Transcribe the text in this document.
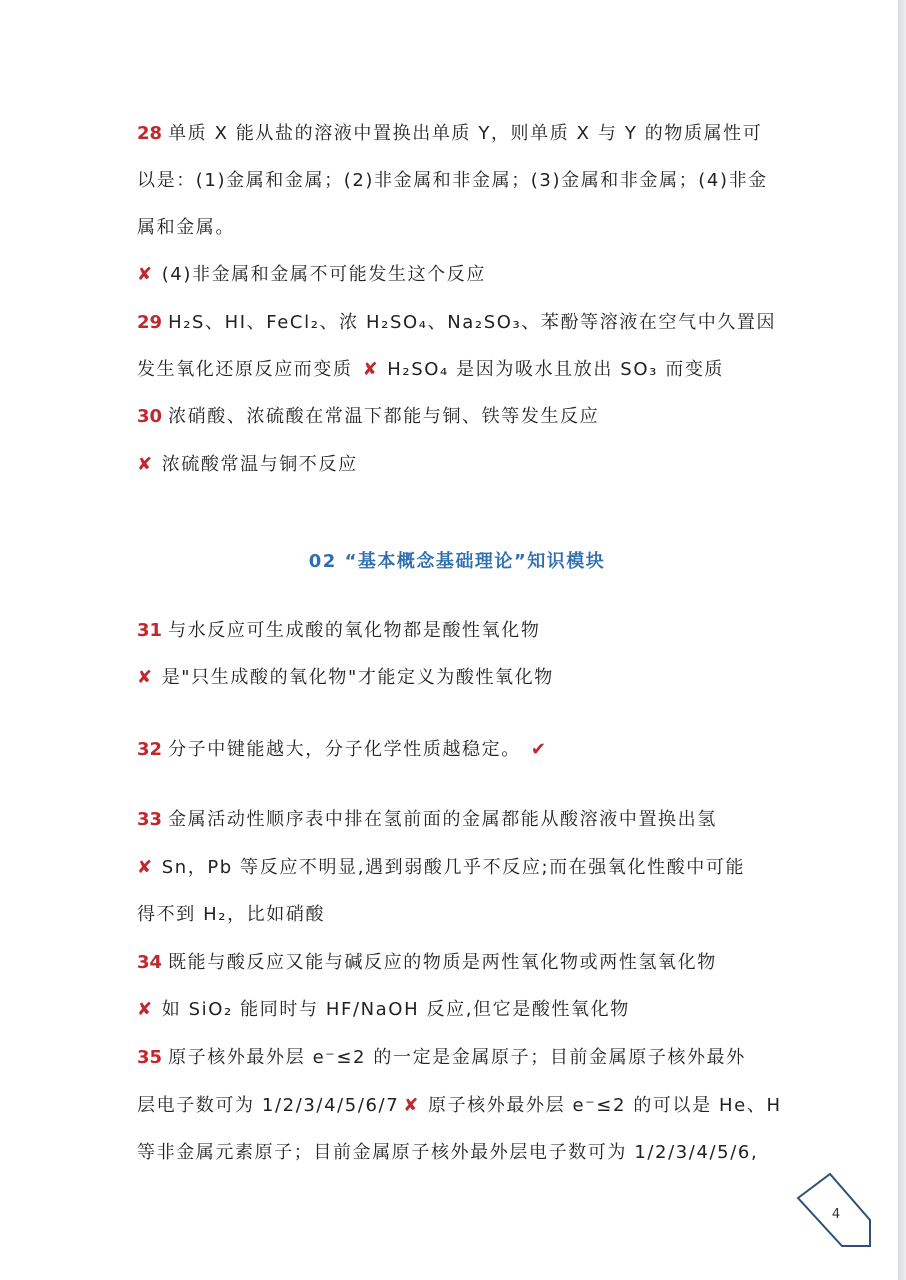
28 单质 X 能从盐的溶液中置换出单质 Y，则单质 X 与 Y 的物质属性可
以是：(1)金属和金属；(2)非金属和非金属；(3)金属和非金属；(4)非金
属和金属。
✘ (4)非金属和金属不可能发生这个反应
29 H₂S、HI、FeCl₂、浓 H₂SO₄、Na₂SO₃、苯酚等溶液在空气中久置因
发生氧化还原反应而变质 ✘ H₂SO₄ 是因为吸水且放出 SO₃ 而变质
30 浓硝酸、浓硫酸在常温下都能与铜、铁等发生反应
✘ 浓硫酸常温与铜不反应
31 与水反应可生成酸的氧化物都是酸性氧化物
✘ 是"只生成酸的氧化物"才能定义为酸性氧化物
32 分子中键能越大，分子化学性质越稳定。 ✔
33 金属活动性顺序表中排在氢前面的金属都能从酸溶液中置换出氢
✘ Sn，Pb 等反应不明显,遇到弱酸几乎不反应;而在强氧化性酸中可能
得不到 H₂，比如硝酸
34 既能与酸反应又能与碱反应的物质是两性氧化物或两性氢氧化物
✘ 如 SiO₂ 能同时与 HF/NaOH 反应,但它是酸性氧化物
35 原子核外最外层 e⁻≤2 的一定是金属原子；目前金属原子核外最外
层电子数可为 1/2/3/4/5/6/7 ✘ 原子核外最外层 e⁻≤2 的可以是 He、H
等非金属元素原子；目前金属原子核外最外层电子数可为 1/2/3/4/5/6,
02 “基本概念基础理论”知识模块
4
